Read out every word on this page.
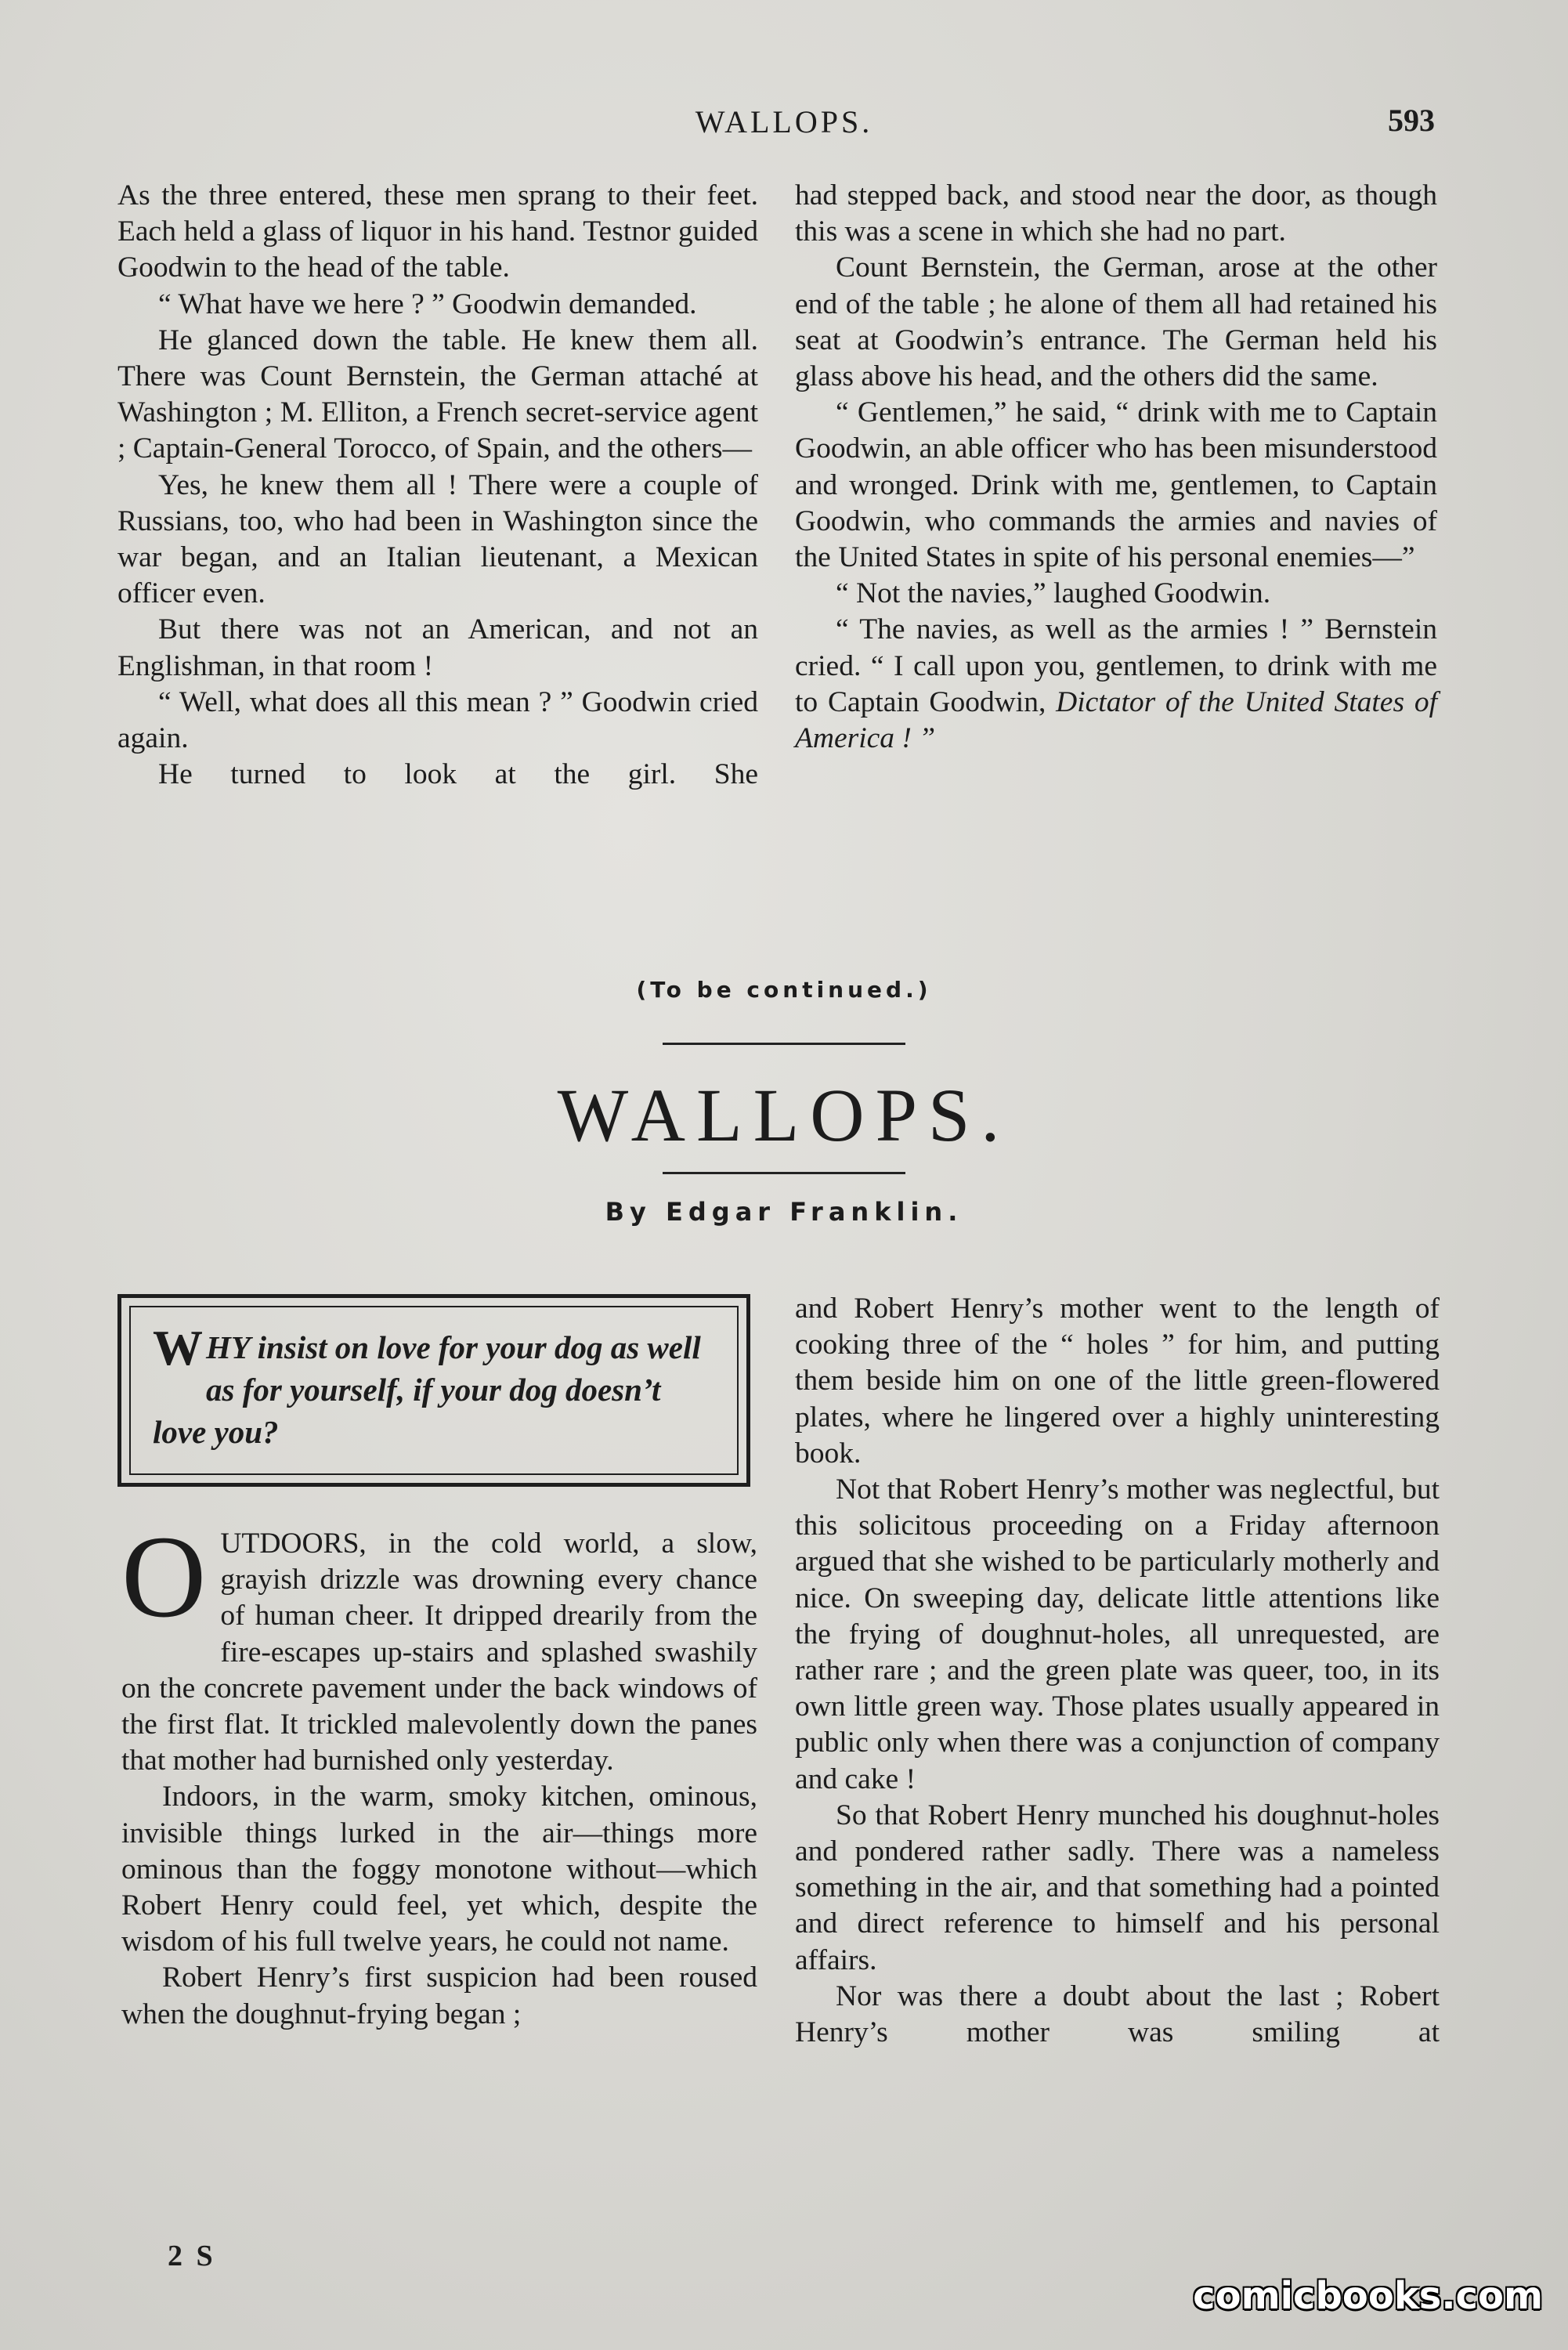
WALLOPS.	593

As the three entered, these men sprang to their feet. Each held a glass of liquor in his hand. Testnor guided Goodwin to the head of the table.

“ What have we here ? ” Goodwin demanded.

He glanced down the table. He knew them all. There was Count Bernstein, the German attaché at Washington ; M. Elliton, a French secret-service agent ; Captain-General Torocco, of Spain, and the others—

Yes, he knew them all ! There were a couple of Russians, too, who had been in Washington since the war began, and an Italian lieutenant, a Mexican officer even.

But there was not an American, and not an Englishman, in that room !

“ Well, what does all this mean ? ” Goodwin cried again.

He turned to look at the girl. She

had stepped back, and stood near the door, as though this was a scene in which she had no part.

Count Bernstein, the German, arose at the other end of the table ; he alone of them all had retained his seat at Goodwin’s entrance. The German held his glass above his head, and the others did the same.

“ Gentlemen,” he said, “ drink with me to Captain Goodwin, an able officer who has been misunderstood and wronged. Drink with me, gentlemen, to Captain Goodwin, who commands the armies and navies of the United States in spite of his personal enemies—”

“ Not the navies,” laughed Goodwin.

“ The navies, as well as the armies ! ” Bernstein cried. “ I call upon you, gentlemen, to drink with me to Captain Goodwin, Dictator of the United States of America ! ”

(To be continued.)
WALLOPS.
By Edgar Franklin.
WHY insist on love for your dog as well as for yourself, if your dog doesn’t love you?

OUTDOORS, in the cold world, a slow, grayish drizzle was drowning every chance of human cheer. It dripped drearily from the fire-escapes up-stairs and splashed swashily on the concrete pavement under the back windows of the first flat. It trickled malevolently down the panes that mother had burnished only yesterday.

Indoors, in the warm, smoky kitchen, ominous, invisible things lurked in the air—things more ominous than the foggy monotone without—which Robert Henry could feel, yet which, despite the wisdom of his full twelve years, he could not name.

Robert Henry’s first suspicion had been roused when the doughnut-frying began ;

and Robert Henry’s mother went to the length of cooking three of the “ holes ” for him, and putting them beside him on one of the little green-flowered plates, where he lingered over a highly uninteresting book.

Not that Robert Henry’s mother was neglectful, but this solicitous proceeding on a Friday afternoon argued that she wished to be particularly motherly and nice. On sweeping day, delicate little attentions like the frying of doughnut-holes, all unrequested, are rather rare ; and the green plate was queer, too, in its own little green way. Those plates usually appeared in public only when there was a conjunction of company and cake !

So that Robert Henry munched his doughnut-holes and pondered rather sadly. There was a nameless something in the air, and that something had a pointed and direct reference to himself and his personal affairs.

Nor was there a doubt about the last ; Robert Henry’s mother was smiling at

2 S
comicbooks.com
